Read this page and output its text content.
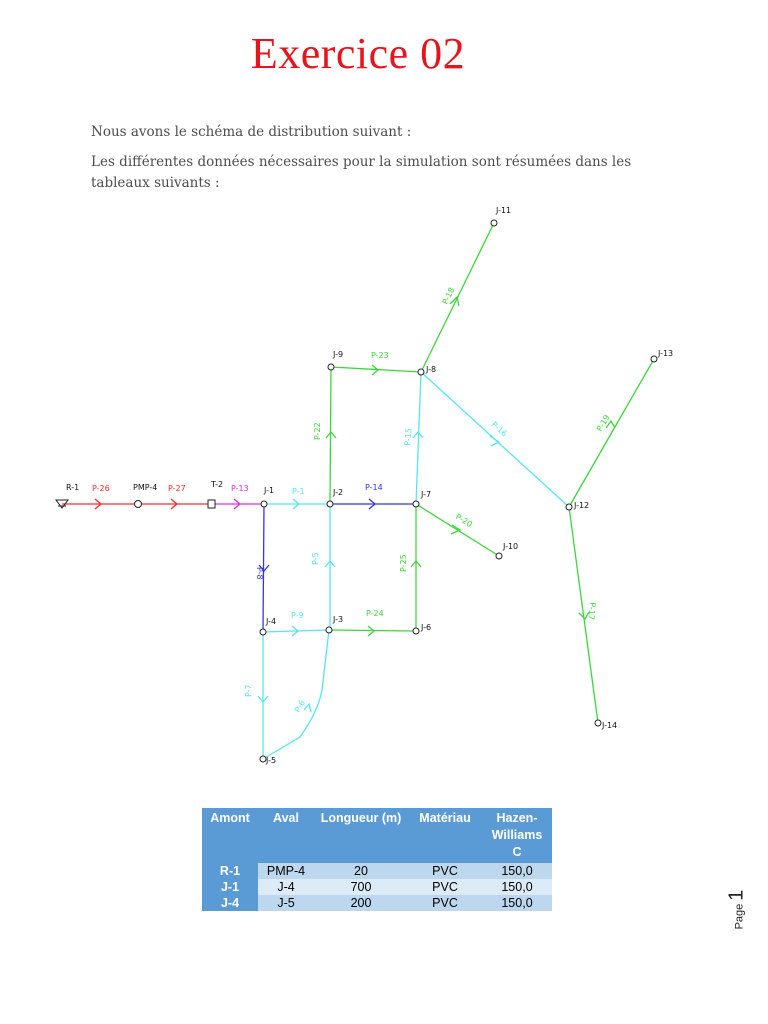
Exercice 02
Nous avons le schéma de distribution suivant :
Les différentes données nécessaires pour la simulation sont résumées dans les tableaux suivants :
R-1	PMP-4	T-2
J-1	J-2
J-3
J-4
J-5
J-6
J-7
J-8
J-9
J-10
J-11
J-12
J-13
J-14
P-26	P-27	P-13	P-1	P-14
P-8
P-5
P-9	P-24
P-7
P-6
P-22
P-23
P-25
P-15
P-18
P-16
P-20
P-19
P-17
Amont	Aval	Longueur (m)	Matériau	Hazen-Williams C
R-1	PMP-4	20	PVC	150,0
J-1	J-4	700	PVC	150,0
J-4	J-5	200	PVC	150,0
Page1
